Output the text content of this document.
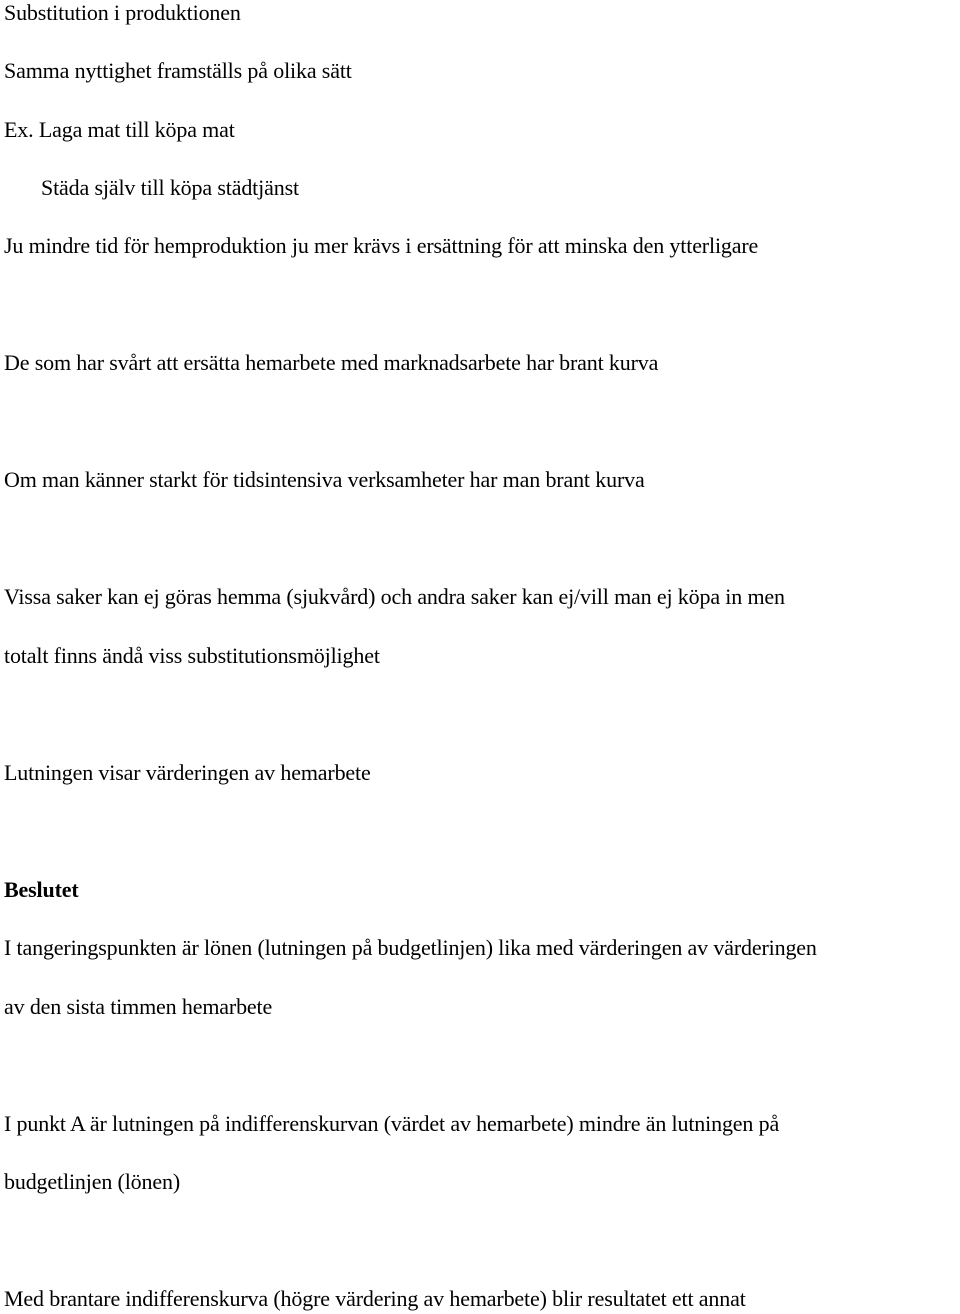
Substitution i produktionen

Samma nyttighet framställs på olika sätt

Ex. Laga mat till köpa mat

Städa själv till köpa städtjänst

Ju mindre tid för hemproduktion ju mer krävs i ersättning för att minska den ytterligare

De som har svårt att ersätta hemarbete med marknadsarbete har brant kurva

Om man känner starkt för tidsintensiva verksamheter har man brant kurva

Vissa saker kan ej göras hemma (sjukvård) och andra saker kan ej/vill man ej köpa in men

totalt finns ändå viss substitutionsmöjlighet

Lutningen visar värderingen av hemarbete

Beslutet

I tangeringspunkten är lönen (lutningen på budgetlinjen) lika med värderingen av värderingen

av den sista timmen hemarbete

I punkt A är lutningen på indifferenskurvan (värdet av hemarbete) mindre än lutningen på

budgetlinjen (lönen)

Med brantare indifferenskurva (högre värdering av hemarbete) blir resultatet ett annat
